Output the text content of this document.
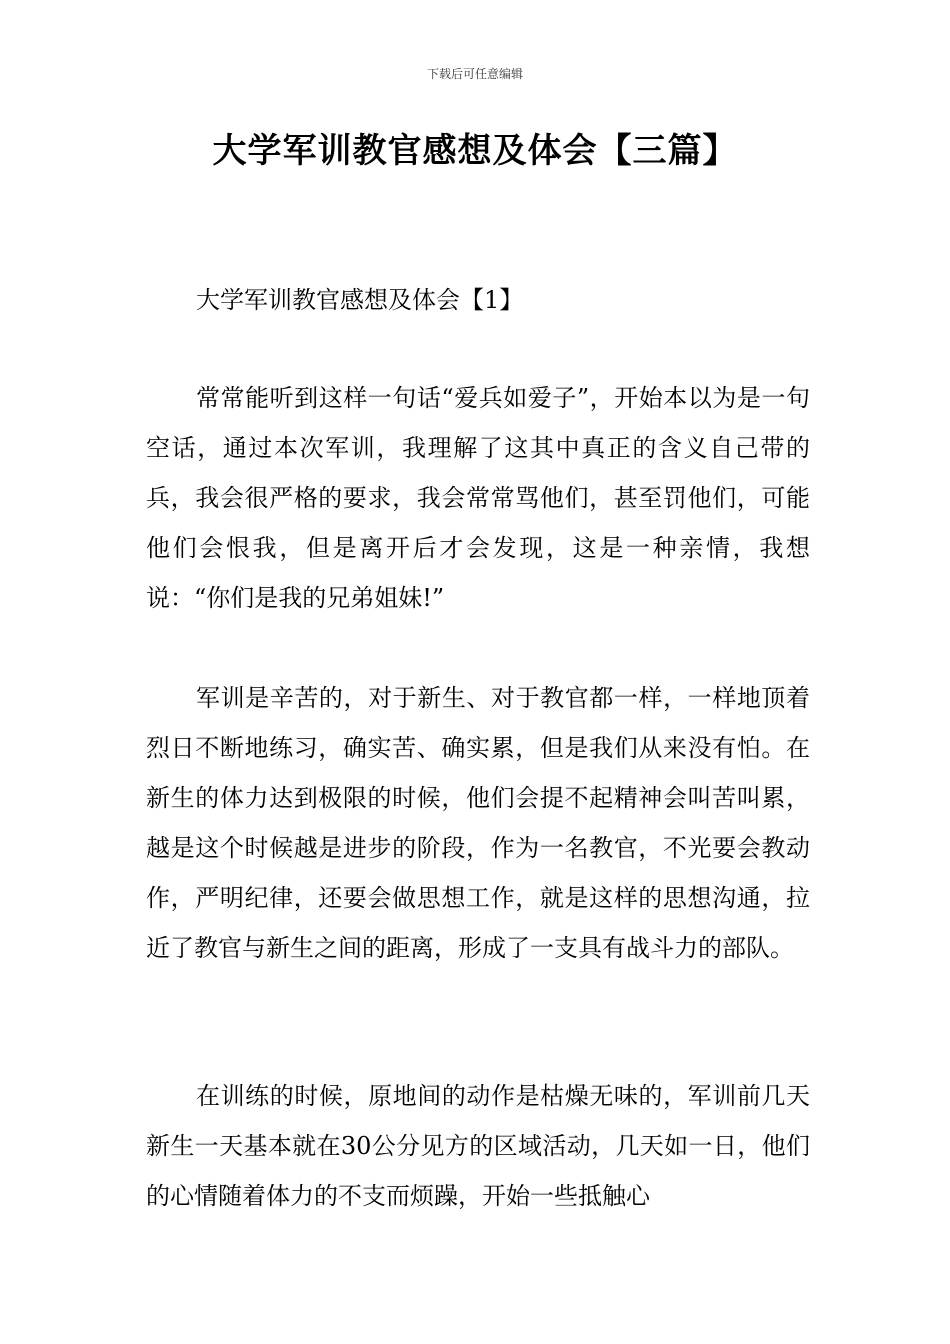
下载后可任意编辑
大学军训教官感想及体会【三篇】
大学军训教官感想及体会【1】

常常能听到这样一句话“爱兵如爱子”，开始本以为是一句空话，通过本次军训，我理解了这其中真正的含义自己带的兵，我会很严格的要求，我会常常骂他们，甚至罚他们，可能他们会恨我，但是离开后才会发现，这是一种亲情，我想说：“你们是我的兄弟姐妹!”

军训是辛苦的，对于新生、对于教官都一样，一样地顶着烈日不断地练习，确实苦、确实累，但是我们从来没有怕。在新生的体力达到极限的时候，他们会提不起精神会叫苦叫累，越是这个时候越是进步的阶段，作为一名教官，不光要会教动作，严明纪律，还要会做思想工作，就是这样的思想沟通，拉近了教官与新生之间的距离，形成了一支具有战斗力的部队。

在训练的时候，原地间的动作是枯燥无味的，军训前几天新生一天基本就在30公分见方的区域活动，几天如一日，他们的心情随着体力的不支而烦躁，开始一些抵触心
